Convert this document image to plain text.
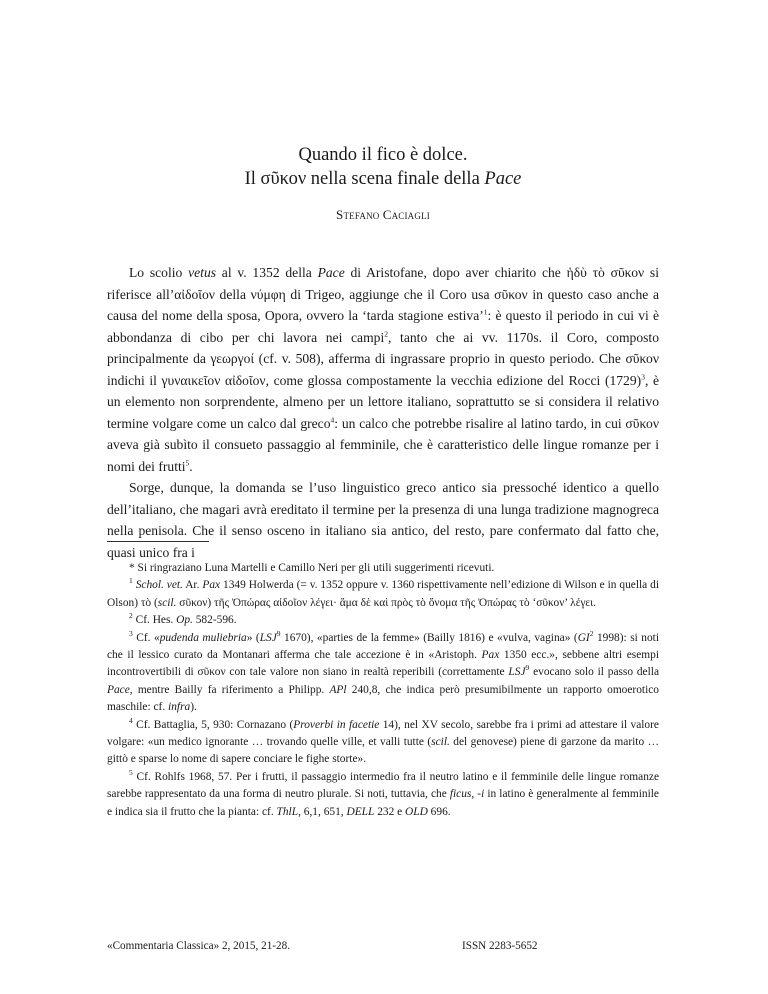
Quando il fico è dolce.
Il σῦκον nella scena finale della Pace
Stefano Caciagli

Lo scolio vetus al v. 1352 della Pace di Aristofane, dopo aver chiarito che ἡδὺ τὸ σῦκον si riferisce all’αἰδοῖον della νύμφη di Trigeo, aggiunge che il Coro usa σῦκον in questo caso anche a causa del nome della sposa, Opora, ovvero la ‘tarda stagione estiva’$^1$: è questo il periodo in cui vi è abbondanza di cibo per chi lavora nei campi$^2$, tanto che ai vv. 1170s. il Coro, composto principalmente da γεωργοί (cf. v. 508), afferma di ingrassare proprio in questo periodo. Che σῦκον indichi il γυναικεῖον αἰδοῖον, come glossa compostamente la vecchia edizione del Rocci $(1729)^3$, è un elemento non sorprendente, almeno per un lettore italiano, soprattutto se si considera il relativo termine volgare come un calco dal greco$^4$: un calco che potrebbe risalire al latino tardo, in cui σῦκον aveva già subìto il consueto passaggio al femminile, che è caratteristico delle lingue romanze per i nomi dei frutti$^5$.

Sorge, dunque, la domanda se l’uso linguistico greco antico sia pressoché identico a quello dell’italiano, che magari avrà ereditato il termine per la presenza di una lunga tradizione magnogreca nella penisola. Che il senso osceno in italiano sia antico, del resto, pare confermato dal fatto che, quasi unico fra i

* Si ringraziano Luna Martelli e Camillo Neri per gli utili suggerimenti ricevuti.

$^1$ Schol. vet. Ar. Pax 1349 Holwerda (= v. 1352 oppure v. 1360 rispettivamente nell’edizione di Wilson e in quella di Olson) τὸ (scil. σῦκον) τῆς Ὀπώρας αἰδοῖον λέγει· ἅμα δὲ καὶ πρὸς τὸ ὄνομα τῆς Ὀπώρας τὸ ‘σῦκον’ λέγει.

$^2$ Cf. Hes. Op. 582-596.

$^3$ Cf. «pudenda muliebria» (LSJ$^9$ 1670), «parties de la femme» (Bailly 1816) e «vulva, vagina» ($GI^2$ 1998): si noti che il lessico curato da Montanari afferma che tale accezione è in «Aristoph. Pax 1350 ecc.», sebbene altri esempi incontrovertibili di σῦκον con tale valore non siano in realtà reperibili (correttamente LSJ$^9$ evocano solo il passo della Pace, mentre Bailly fa riferimento a Philipp. APl 240,8, che indica però presumibilmente un rapporto omoerotico maschile: cf. infra).

$^4$ Cf. Battaglia, 5, 930: Cornazano (Proverbi in facetie 14), nel XV secolo, sarebbe fra i primi ad attestare il valore volgare: «un medico ignorante … trovando quelle ville, et valli tutte (scil. del genovese) piene di garzone da marito … gittò e sparse lo nome di sapere conciare le fighe storte».

$^5$ Cf. Rohlfs 1968, 57. Per i frutti, il passaggio intermedio fra il neutro latino e il femminile delle lingue romanze sarebbe rappresentato da una forma di neutro plurale. Si noti, tuttavia, che ficus, -i in latino è generalmente al femminile e indica sia il frutto che la pianta: cf. ThlL, 6,1, 651, DELL 232 e OLD 696.

«Commentaria Classica» 2, 2015, 21-28.	ISSN 2283-5652
